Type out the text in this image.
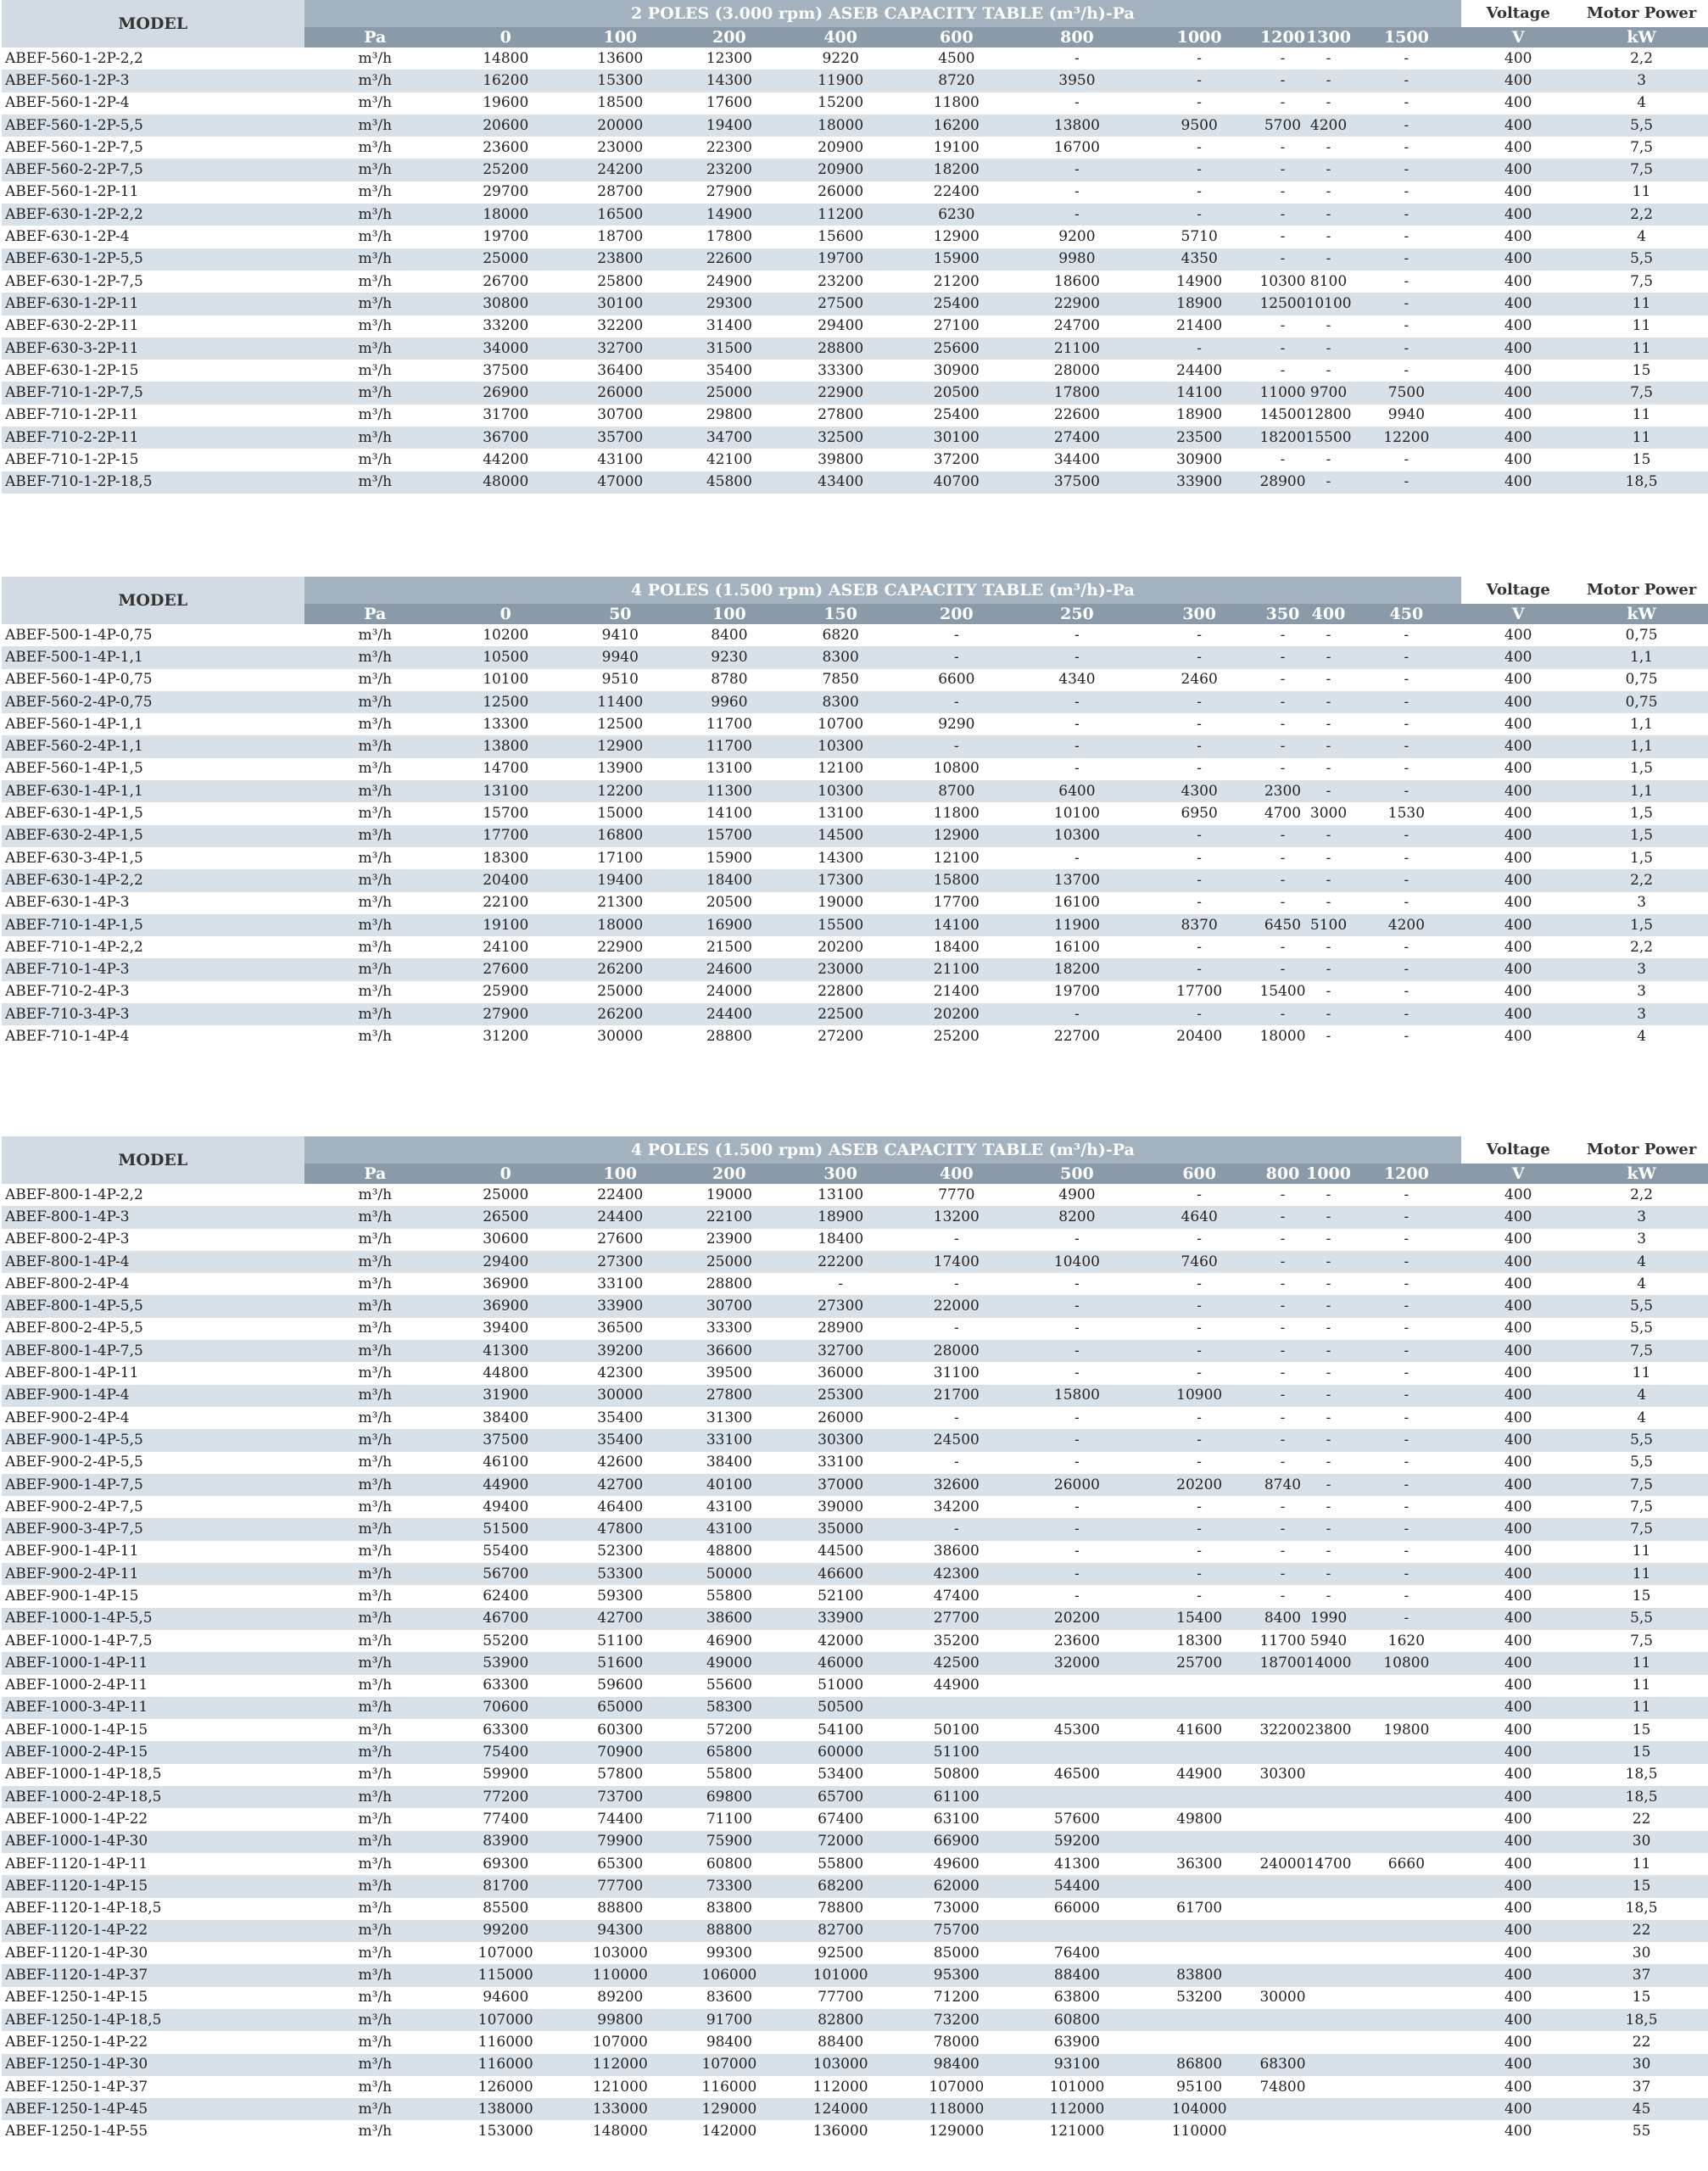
MODEL	2 POLES (3.000 rpm) ASEB CAPACITY TABLE (m³/h)-Pa											Voltage	Motor Power
	Pa	0	100	200	400	600	800	1000	1200	1300	1500	V	kW
ABEF-560-1-2P-2,2	m³/h	14800	13600	12300	9220	4500	-	-	-	-	-	400	2,2
ABEF-560-1-2P-3	m³/h	16200	15300	14300	11900	8720	3950	-	-	-	-	400	3
ABEF-560-1-2P-4	m³/h	19600	18500	17600	15200	11800	-	-	-	-	-	400	4
ABEF-560-1-2P-5,5	m³/h	20600	20000	19400	18000	16200	13800	9500	5700	4200	-	400	5,5
ABEF-560-1-2P-7,5	m³/h	23600	23000	22300	20900	19100	16700	-	-	-	-	400	7,5
ABEF-560-2-2P-7,5	m³/h	25200	24200	23200	20900	18200	-	-	-	-	-	400	7,5
ABEF-560-1-2P-11	m³/h	29700	28700	27900	26000	22400	-	-	-	-	-	400	11
ABEF-630-1-2P-2,2	m³/h	18000	16500	14900	11200	6230	-	-	-	-	-	400	2,2
ABEF-630-1-2P-4	m³/h	19700	18700	17800	15600	12900	9200	5710	-	-	-	400	4
ABEF-630-1-2P-5,5	m³/h	25000	23800	22600	19700	15900	9980	4350	-	-	-	400	5,5
ABEF-630-1-2P-7,5	m³/h	26700	25800	24900	23200	21200	18600	14900	10300	8100	-	400	7,5
ABEF-630-1-2P-11	m³/h	30800	30100	29300	27500	25400	22900	18900	12500	10100	-	400	11
ABEF-630-2-2P-11	m³/h	33200	32200	31400	29400	27100	24700	21400	-	-	-	400	11
ABEF-630-3-2P-11	m³/h	34000	32700	31500	28800	25600	21100	-	-	-	-	400	11
ABEF-630-1-2P-15	m³/h	37500	36400	35400	33300	30900	28000	24400	-	-	-	400	15
ABEF-710-1-2P-7,5	m³/h	26900	26000	25000	22900	20500	17800	14100	11000	9700	7500	400	7,5
ABEF-710-1-2P-11	m³/h	31700	30700	29800	27800	25400	22600	18900	14500	12800	9940	400	11
ABEF-710-2-2P-11	m³/h	36700	35700	34700	32500	30100	27400	23500	18200	15500	12200	400	11
ABEF-710-1-2P-15	m³/h	44200	43100	42100	39800	37200	34400	30900	-	-	-	400	15
ABEF-710-1-2P-18,5	m³/h	48000	47000	45800	43400	40700	37500	33900	28900	-	-	400	18,5
MODEL	4 POLES (1.500 rpm) ASEB CAPACITY TABLE (m³/h)-Pa											Voltage	Motor Power
	Pa	0	50	100	150	200	250	300	350	400	450	V	kW
ABEF-500-1-4P-0,75	m³/h	10200	9410	8400	6820	-	-	-	-	-	-	400	0,75
ABEF-500-1-4P-1,1	m³/h	10500	9940	9230	8300	-	-	-	-	-	-	400	1,1
ABEF-560-1-4P-0,75	m³/h	10100	9510	8780	7850	6600	4340	2460	-	-	-	400	0,75
ABEF-560-2-4P-0,75	m³/h	12500	11400	9960	8300	-	-	-	-	-	-	400	0,75
ABEF-560-1-4P-1,1	m³/h	13300	12500	11700	10700	9290	-	-	-	-	-	400	1,1
ABEF-560-2-4P-1,1	m³/h	13800	12900	11700	10300	-	-	-	-	-	-	400	1,1
ABEF-560-1-4P-1,5	m³/h	14700	13900	13100	12100	10800	-	-	-	-	-	400	1,5
ABEF-630-1-4P-1,1	m³/h	13100	12200	11300	10300	8700	6400	4300	2300	-	-	400	1,1
ABEF-630-1-4P-1,5	m³/h	15700	15000	14100	13100	11800	10100	6950	4700	3000	1530	400	1,5
ABEF-630-2-4P-1,5	m³/h	17700	16800	15700	14500	12900	10300	-	-	-	-	400	1,5
ABEF-630-3-4P-1,5	m³/h	18300	17100	15900	14300	12100	-	-	-	-	-	400	1,5
ABEF-630-1-4P-2,2	m³/h	20400	19400	18400	17300	15800	13700	-	-	-	-	400	2,2
ABEF-630-1-4P-3	m³/h	22100	21300	20500	19000	17700	16100	-	-	-	-	400	3
ABEF-710-1-4P-1,5	m³/h	19100	18000	16900	15500	14100	11900	8370	6450	5100	4200	400	1,5
ABEF-710-1-4P-2,2	m³/h	24100	22900	21500	20200	18400	16100	-	-	-	-	400	2,2
ABEF-710-1-4P-3	m³/h	27600	26200	24600	23000	21100	18200	-	-	-	-	400	3
ABEF-710-2-4P-3	m³/h	25900	25000	24000	22800	21400	19700	17700	15400	-	-	400	3
ABEF-710-3-4P-3	m³/h	27900	26200	24400	22500	20200	-	-	-	-	-	400	3
ABEF-710-1-4P-4	m³/h	31200	30000	28800	27200	25200	22700	20400	18000	-	-	400	4
MODEL	4 POLES (1.500 rpm) ASEB CAPACITY TABLE (m³/h)-Pa											Voltage	Motor Power
	Pa	0	100	200	300	400	500	600	800	1000	1200	V	kW
ABEF-800-1-4P-2,2	m³/h	25000	22400	19000	13100	7770	4900	-	-	-	-	400	2,2
ABEF-800-1-4P-3	m³/h	26500	24400	22100	18900	13200	8200	4640	-	-	-	400	3
ABEF-800-2-4P-3	m³/h	30600	27600	23900	18400	-	-	-	-	-	-	400	3
ABEF-800-1-4P-4	m³/h	29400	27300	25000	22200	17400	10400	7460	-	-	-	400	4
ABEF-800-2-4P-4	m³/h	36900	33100	28800	-	-	-	-	-	-	-	400	4
ABEF-800-1-4P-5,5	m³/h	36900	33900	30700	27300	22000	-	-	-	-	-	400	5,5
ABEF-800-2-4P-5,5	m³/h	39400	36500	33300	28900	-	-	-	-	-	-	400	5,5
ABEF-800-1-4P-7,5	m³/h	41300	39200	36600	32700	28000	-	-	-	-	-	400	7,5
ABEF-800-1-4P-11	m³/h	44800	42300	39500	36000	31100	-	-	-	-	-	400	11
ABEF-900-1-4P-4	m³/h	31900	30000	27800	25300	21700	15800	10900	-	-	-	400	4
ABEF-900-2-4P-4	m³/h	38400	35400	31300	26000	-	-	-	-	-	-	400	4
ABEF-900-1-4P-5,5	m³/h	37500	35400	33100	30300	24500	-	-	-	-	-	400	5,5
ABEF-900-2-4P-5,5	m³/h	46100	42600	38400	33100	-	-	-	-	-	-	400	5,5
ABEF-900-1-4P-7,5	m³/h	44900	42700	40100	37000	32600	26000	20200	8740	-	-	400	7,5
ABEF-900-2-4P-7,5	m³/h	49400	46400	43100	39000	34200	-	-	-	-	-	400	7,5
ABEF-900-3-4P-7,5	m³/h	51500	47800	43100	35000	-	-	-	-	-	-	400	7,5
ABEF-900-1-4P-11	m³/h	55400	52300	48800	44500	38600	-	-	-	-	-	400	11
ABEF-900-2-4P-11	m³/h	56700	53300	50000	46600	42300	-	-	-	-	-	400	11
ABEF-900-1-4P-15	m³/h	62400	59300	55800	52100	47400	-	-	-	-	-	400	15
ABEF-1000-1-4P-5,5	m³/h	46700	42700	38600	33900	27700	20200	15400	8400	1990	-	400	5,5
ABEF-1000-1-4P-7,5	m³/h	55200	51100	46900	42000	35200	23600	18300	11700	5940	1620	400	7,5
ABEF-1000-1-4P-11	m³/h	53900	51600	49000	46000	42500	32000	25700	18700	14000	10800	400	11
ABEF-1000-2-4P-11	m³/h	63300	59600	55600	51000	44900						400	11
ABEF-1000-3-4P-11	m³/h	70600	65000	58300	50500							400	11
ABEF-1000-1-4P-15	m³/h	63300	60300	57200	54100	50100	45300	41600	32200	23800	19800	400	15
ABEF-1000-2-4P-15	m³/h	75400	70900	65800	60000	51100						400	15
ABEF-1000-1-4P-18,5	m³/h	59900	57800	55800	53400	50800	46500	44900	30300			400	18,5
ABEF-1000-2-4P-18,5	m³/h	77200	73700	69800	65700	61100						400	18,5
ABEF-1000-1-4P-22	m³/h	77400	74400	71100	67400	63100	57600	49800				400	22
ABEF-1000-1-4P-30	m³/h	83900	79900	75900	72000	66900	59200					400	30
ABEF-1120-1-4P-11	m³/h	69300	65300	60800	55800	49600	41300	36300	24000	14700	6660	400	11
ABEF-1120-1-4P-15	m³/h	81700	77700	73300	68200	62000	54400					400	15
ABEF-1120-1-4P-18,5	m³/h	85500	88800	83800	78800	73000	66000	61700				400	18,5
ABEF-1120-1-4P-22	m³/h	99200	94300	88800	82700	75700						400	22
ABEF-1120-1-4P-30	m³/h	107000	103000	99300	92500	85000	76400					400	30
ABEF-1120-1-4P-37	m³/h	115000	110000	106000	101000	95300	88400	83800				400	37
ABEF-1250-1-4P-15	m³/h	94600	89200	83600	77700	71200	63800	53200	30000			400	15
ABEF-1250-1-4P-18,5	m³/h	107000	99800	91700	82800	73200	60800					400	18,5
ABEF-1250-1-4P-22	m³/h	116000	107000	98400	88400	78000	63900					400	22
ABEF-1250-1-4P-30	m³/h	116000	112000	107000	103000	98400	93100	86800	68300			400	30
ABEF-1250-1-4P-37	m³/h	126000	121000	116000	112000	107000	101000	95100	74800			400	37
ABEF-1250-1-4P-45	m³/h	138000	133000	129000	124000	118000	112000	104000				400	45
ABEF-1250-1-4P-55	m³/h	153000	148000	142000	136000	129000	121000	110000				400	55
